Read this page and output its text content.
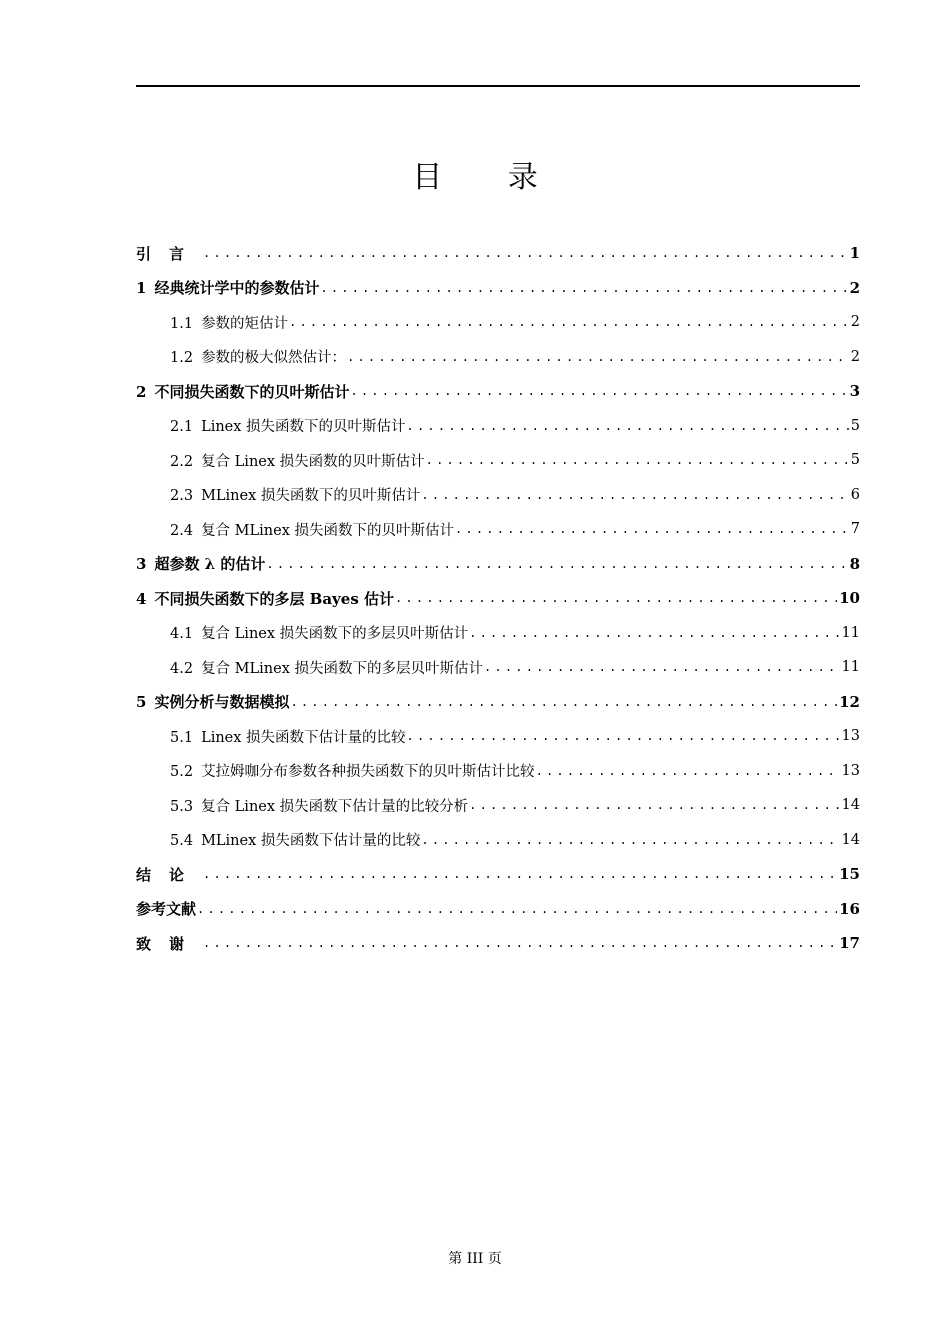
目 录
引言 .....	1
1 经典统计学中的参数估计 .....	2
1.1 参数的矩估计 .....	2
1.2 参数的极大似然估计： .....	2
2 不同损失函数下的贝叶斯估计 .....	3
2.1 Linex 损失函数下的贝叶斯估计 .....	5
2.2 复合 Linex 损失函数的贝叶斯估计 .....	5
2.3 MLinex 损失函数下的贝叶斯估计 .....	6
2.4 复合 MLinex 损失函数下的贝叶斯估计 .....	7
3 超参数 λ 的估计 .....	8
4 不同损失函数下的多层 Bayes 估计 .....	10
4.1 复合 Linex 损失函数下的多层贝叶斯估计 .....	11
4.2 复合 MLinex 损失函数下的多层贝叶斯估计 .....	11
5 实例分析与数据模拟 .....	12
5.1 Linex 损失函数下估计量的比较 .....	13
5.2 艾拉姆咖分布参数各种损失函数下的贝叶斯估计比较 .....	13
5.3 复合 Linex 损失函数下估计量的比较分析 .....	14
5.4 MLinex 损失函数下估计量的比较 .....	14
结论 .....	15
参考文献 .....	16
致谢 .....	17
第 III 页
